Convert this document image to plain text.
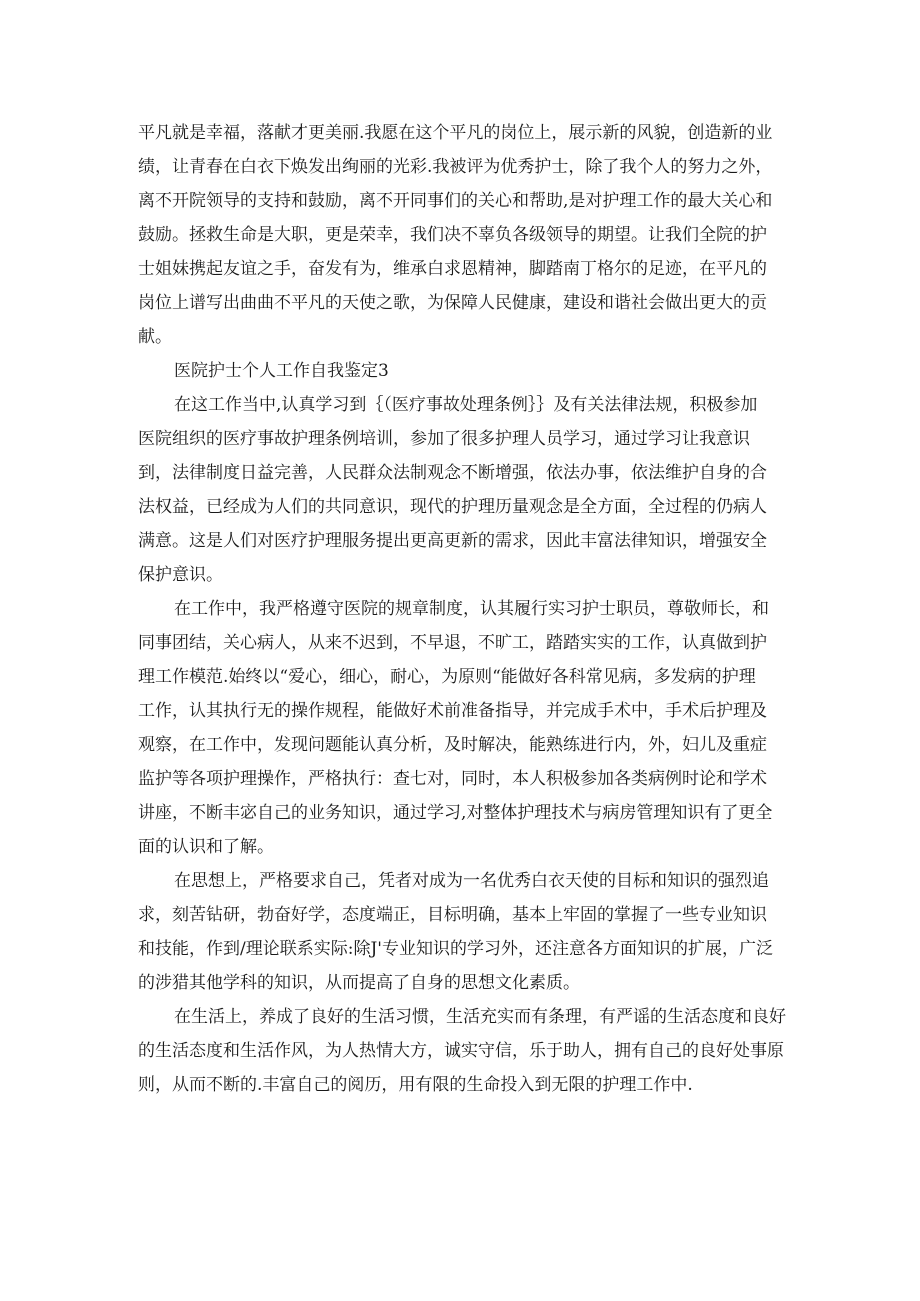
平凡就是幸福，落献才更美丽.我愿在这个平凡的岗位上，展示新的风貌，创造新的业
绩，让青春在白衣下焕发出绚丽的光彩.我被评为优秀护士，除了我个人的努力之外，
离不开院领导的支持和鼓励，离不开同事们的关心和帮助,是对护理工作的最大关心和
鼓励。拯救生命是大职，更是荣幸，我们决不辜负各级领导的期望。让我们全院的护
士姐妹携起友谊之手，奋发有为，维承白求恩精神，脚踏南丁格尔的足迹，在平凡的
岗位上谱写出曲曲不平凡的天使之歌，为保障人民健康，建设和谐社会做出更大的贡
献。
医院护士个人工作自我鉴定3
在这工作当中,认真学习到｛（医疗事故处理条例｝｝及有关法律法规，积极参加
医院组织的医疗事故护理条例培训，参加了很多护理人员学习，通过学习让我意识
到，法律制度日益完善，人民群众法制观念不断增强，依法办事，依法维护自身的合
法权益，已经成为人们的共同意识，现代的护理历量观念是全方面，全过程的仍病人
满意。这是人们对医疗护理服务提出更高更新的需求，因此丰富法律知识，增强安全
保护意识。
在工作中，我严格遵守医院的规章制度，认其履行实习护士职员，尊敬师长，和
同事团结，关心病人，从来不迟到，不早退，不旷工，踏踏实实的工作，认真做到护
理工作模范.始终以“爱心，细心，耐心，为原则“能做好各科常见病，多发病的护理
工作，认其执行无的操作规程，能做好术前准备指导，并完成手术中，手术后护理及
观察，在工作中，发现问题能认真分析，及时解决，能熟练进行内，外，妇儿及重症
监护等各项护理操作，严格执行：查七对，同时，本人积极参加各类病例时论和学术
讲座，不断丰宓自己的业务知识，通过学习,对整体护理技术与病房管理知识有了更全
面的认识和了解。
在思想上，严格要求自己，凭者对成为一名优秀白衣天使的目标和知识的强烈追
求，刻苦钻研，勃奋好学，态度端正，目标明确，基本上牢固的掌握了一些专业知识
和技能，作到/理论联系实际:除J'专业知识的学习外，还注意各方面知识的扩展，广泛
的涉猎其他学科的知识，从而提高了自身的思想文化素质。
在生活上，养成了良好的生活习惯，生活充实而有条理，有严谣的生活态度和良好
的生活态度和生活作风，为人热情大方，诚实守信，乐于助人，拥有自己的良好处事原
则，从而不断的.丰富自己的阅历，用有限的生命投入到无限的护理工作中.
